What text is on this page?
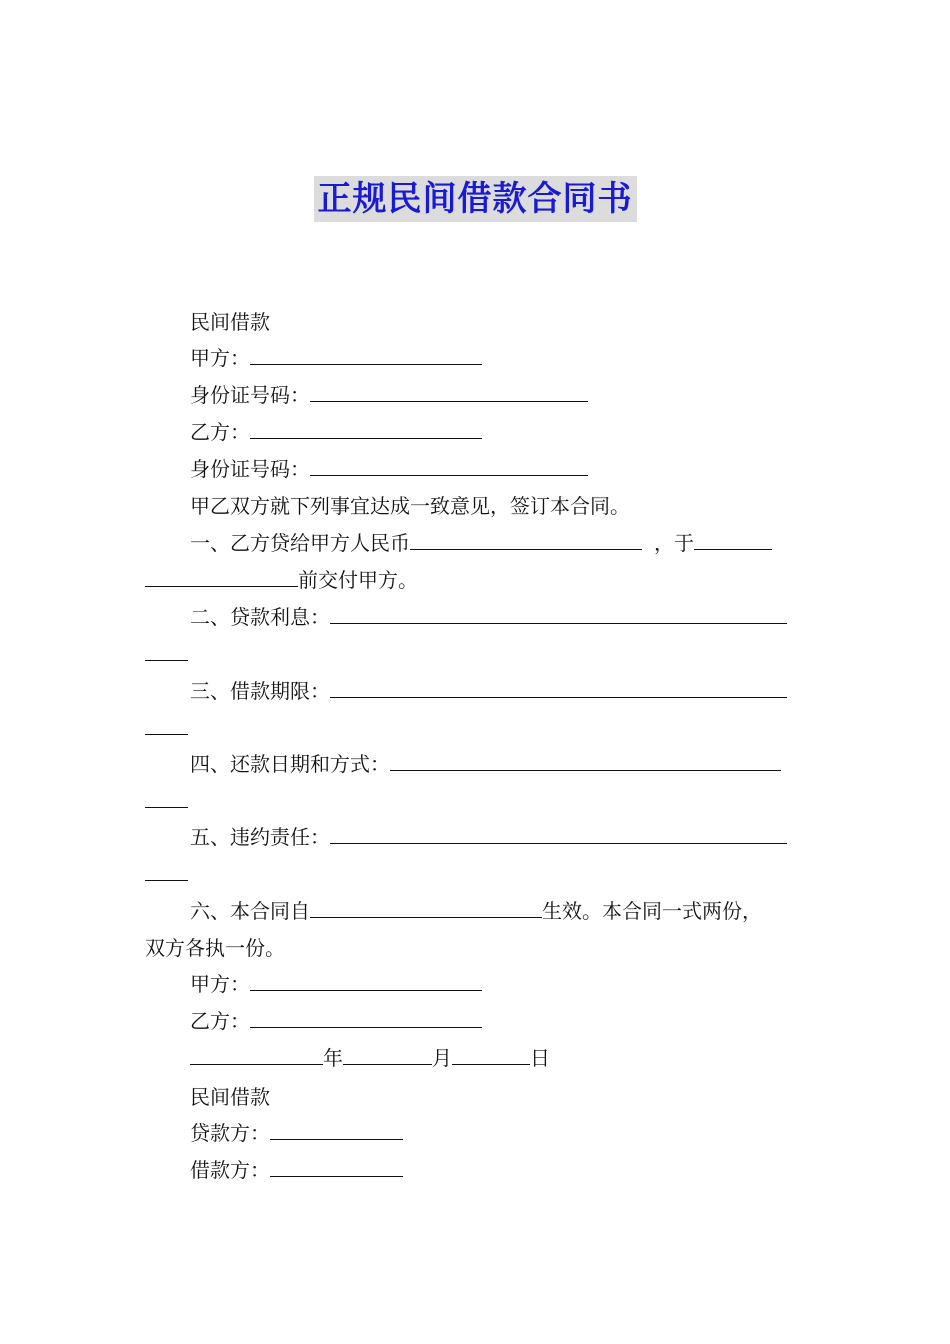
正规民间借款合同书
民间借款
甲方：
身份证号码：
乙方：
身份证号码：
甲乙双方就下列事宜达成一致意见，签订本合同。
一、乙方贷给甲方人民币	，于
前交付甲方。
二、贷款利息：
三、借款期限：
四、还款日期和方式：
五、违约责任：
六、本合同自	生效。本合同一式两份，
双方各执一份。
甲方：
乙方：
年	月	日
民间借款
贷款方：
借款方：
